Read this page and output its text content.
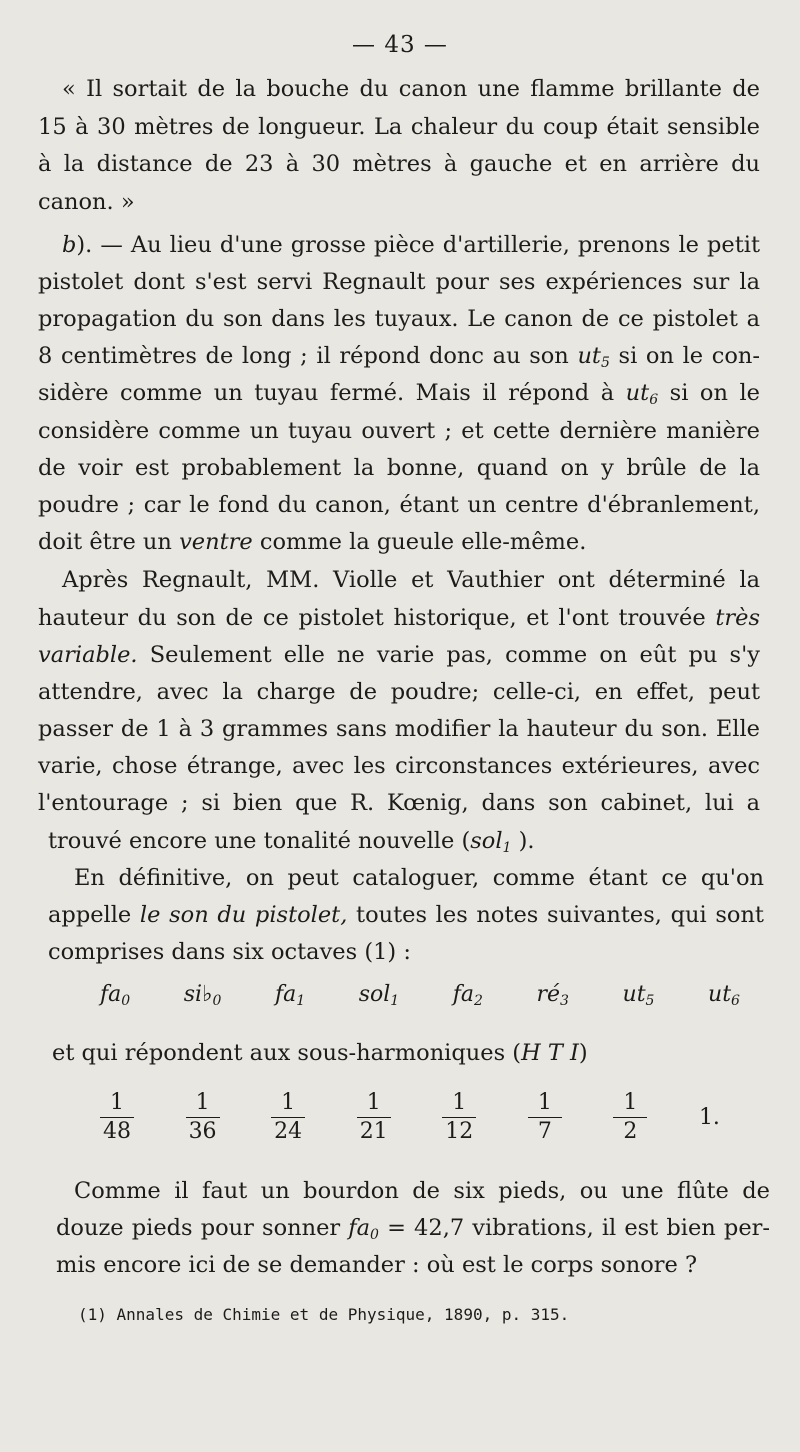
— 43 —
« Il sortait de la bouche du canon une flamme brillante de
15 à 30 mètres de longueur. La chaleur du coup était sensible
à la distance de 23 à 30 mètres à gauche et en arrière du
canon. »
b). — Au lieu d'une grosse pièce d'artillerie, prenons le petit
pistolet dont s'est servi Regnault pour ses expériences sur la
propagation du son dans les tuyaux. Le canon de ce pistolet a
8 centimètres de long ; il répond donc au son $ut_5$ si on le con-
sidère comme un tuyau fermé. Mais il répond à $ut_6$ si on le
considère comme un tuyau ouvert ; et cette dernière manière
de voir est probablement la bonne, quand on y brûle de la
poudre ; car le fond du canon, étant un centre d'ébranlement,
doit être un ventre comme la gueule elle-même.
Après Regnault, MM. Violle et Vauthier ont déterminé la
hauteur du son de ce pistolet historique, et l'ont trouvée très
variable. Seulement elle ne varie pas, comme on eût pu s'y
attendre, avec la charge de poudre; celle-ci, en effet, peut
passer de 1 à 3 grammes sans modifier la hauteur du son. Elle
varie, chose étrange, avec les circonstances extérieures, avec
l'entourage ; si bien que R. Kœnig, dans son cabinet, lui a
trouvé encore une tonalité nouvelle (sol$_1$ ).
En définitive, on peut cataloguer, comme étant ce qu'on
appelle le son du pistolet, toutes les notes suivantes, qui sont
comprises dans six octaves (1) :
$fa_0$ $si♭_0$ $fa_1$ sol$_1$ $fa_2$ $ré_3$ $ut_5$ $ut_6$
et qui répondent aux sous-harmoniques (H T I)
$\frac{1}{48} \frac{1}{36} \frac{1}{24} \frac{1}{21} \frac{1}{12} \frac{1}{7} \frac{1}{2} 1$.
Comme il faut un bourdon de six pieds, ou une flûte de
douze pieds pour sonner $fa_0 = 42,7$ vibrations, il est bien per-
mis encore ici de se demander : où est le corps sonore ?
(1) Annales de Chimie et de Physique, 1890, p. 315.
